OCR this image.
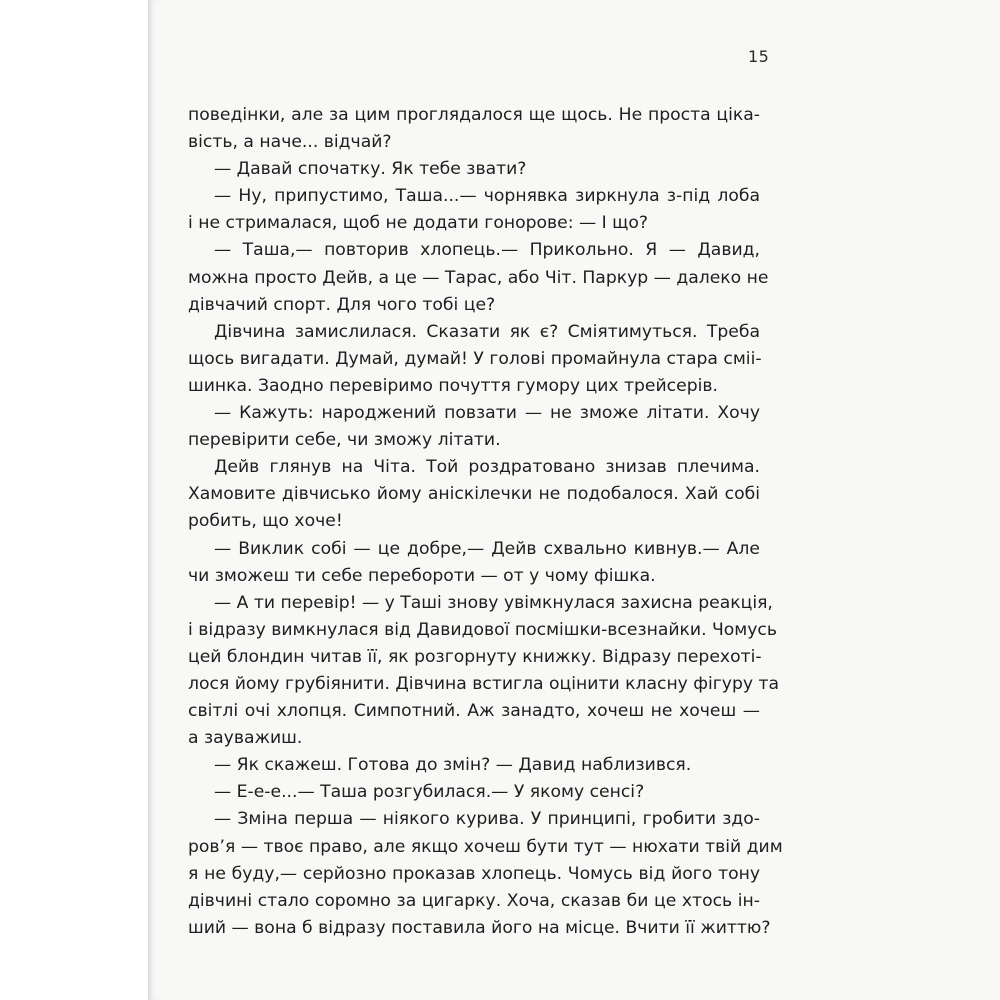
15
поведінки, але за цим проглядалося ще щось. Не проста ціка-
вість, а наче... відчай?
— Давай спочатку. Як тебе звати?
— Ну, припустимо, Таша...— чорнявка зиркнула з-під лоба
і не стрималася, щоб не додати гонорове: — І що?
— Таша,— повторив хлопець.— Прикольно. Я — Давид,
можна просто Дейв, а це — Тарас, або Чіт. Паркур — далеко не
дівчачий спорт. Для чого тобі це?
Дівчина замислилася. Сказати як є? Сміятимуться. Треба
щось вигадати. Думай, думай! У голові промайнула стара сміі-
шинка. Заодно перевіримо почуття гумору цих трейсерів.
— Кажуть: народжений повзати — не зможе літати. Хочу
перевірити себе, чи зможу літати.
Дейв глянув на Чіта. Той роздратовано знизав плечима.
Хамовите дівчисько йому аніскілечки не подобалося. Хай собі
робить, що хоче!
— Виклик собі — це добре,— Дейв схвально кивнув.— Але
чи зможеш ти себе перебороти — от у чому фішка.
— А ти перевір! — у Таші знову увімкнулася захисна реакція,
і відразу вимкнулася від Давидової посмішки-всезнайки. Чомусь
цей блондин читав її, як розгорнуту книжку. Відразу перехоті-
лося йому грубіянити. Дівчина встигла оцінити класну фігуру та
світлі очі хлопця. Симпотний. Аж занадто, хочеш не хочеш —
а зауважиш.
— Як скажеш. Готова до змін? — Давид наблизився.
— Е-е-е...— Таша розгубилася.— У якому сенсі?
— Зміна перша — ніякого курива. У принципі, гробити здо-
ров’я — твоє право, але якщо хочеш бути тут — нюхати твій дим
я не буду,— серйозно проказав хлопець. Чомусь від його тону
дівчині стало соромно за цигарку. Хоча, сказав би це хтось ін-
ший — вона б відразу поставила його на місце. Вчити її життю?
